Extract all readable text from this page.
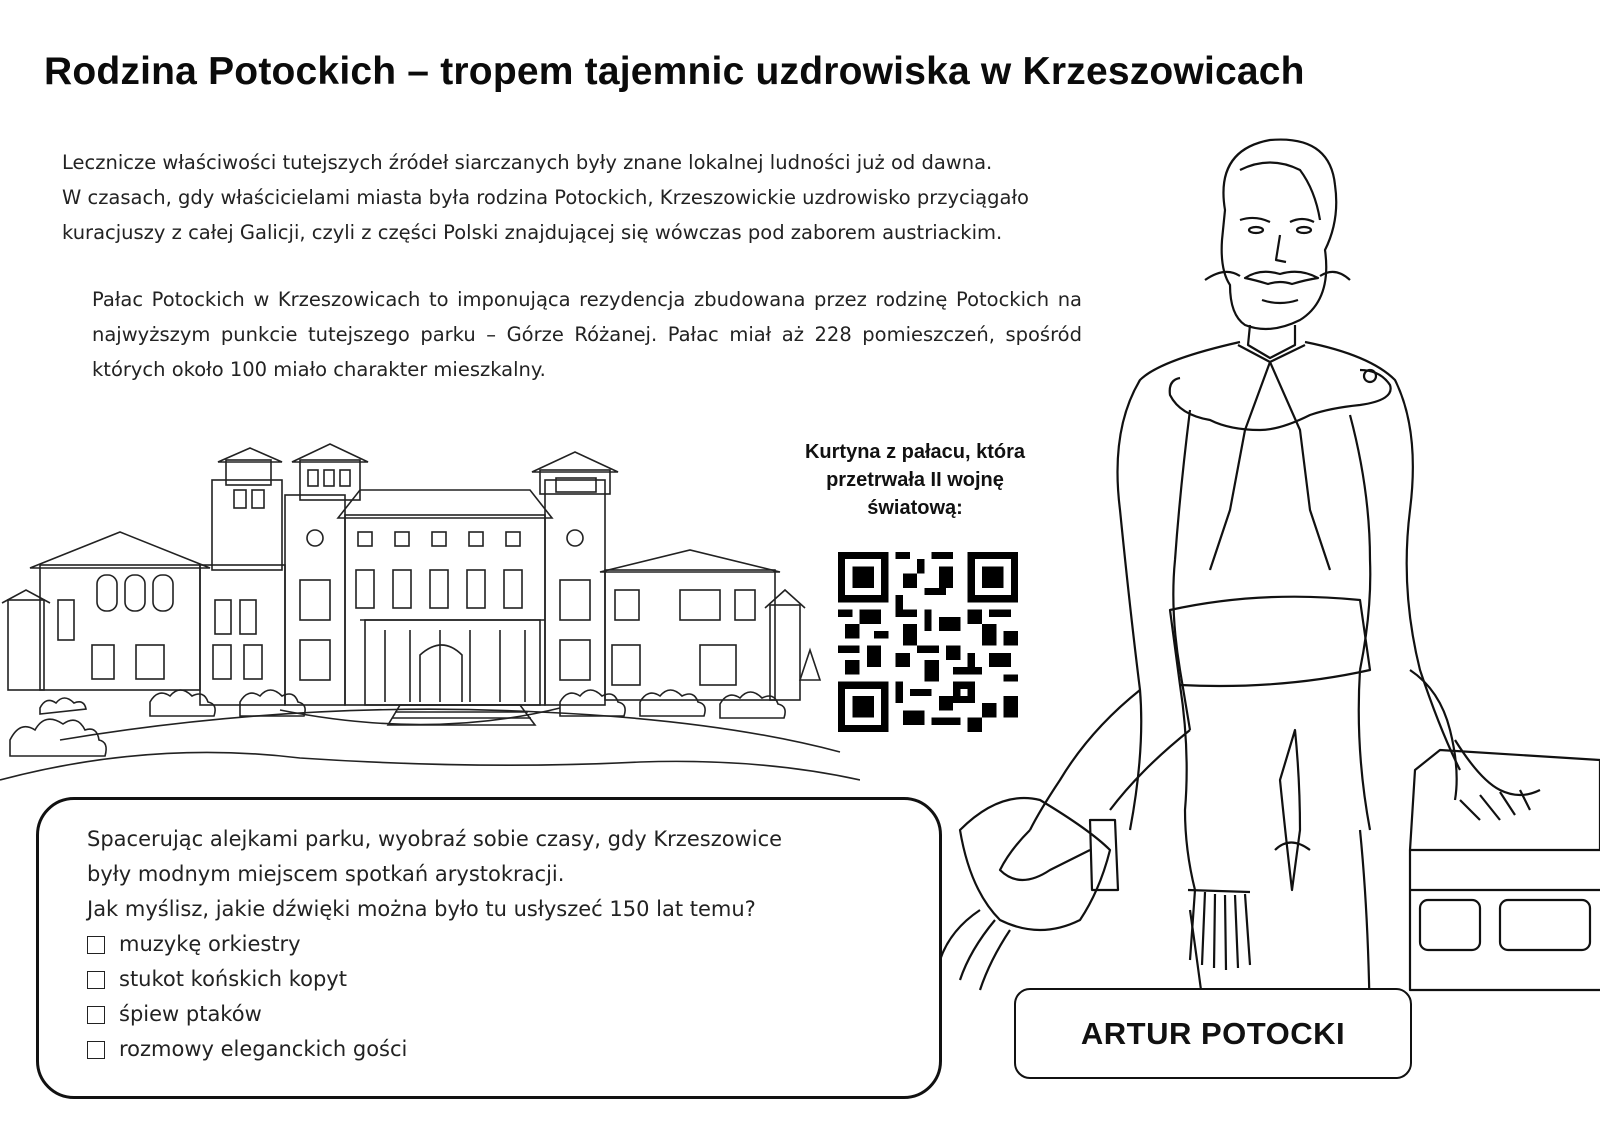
Rodzina Potockich – tropem tajemnic uzdrowiska w Krzeszowicach
Lecznicze właściwości tutejszych źródeł siarczanych były znane lokalnej ludności już od dawna.
W czasach, gdy właścicielami miasta była rodzina Potockich, Krzeszowickie uzdrowisko przyciągało
kuracjuszy z całej Galicji, czyli z części Polski znajdującej się wówczas pod zaborem austriackim.
Pałac Potockich w Krzeszowicach to imponująca rezydencja zbudowana przez rodzinę Potockich na najwyższym punkcie tutejszego parku – Górze Różanej. Pałac miał aż 228 pomieszczeń, spośród których około 100 miało charakter mieszkalny.
Kurtyna z pałacu, która
przetrwała II wojnę
światową:
Spacerując alejkami parku, wyobraź sobie czasy, gdy Krzeszowice
były modnym miejscem spotkań arystokracji.
Jak myślisz, jakie dźwięki można było tu usłyszeć 150 lat temu?
muzykę orkiestry
stukot końskich kopyt
śpiew ptaków
rozmowy eleganckich gości	ARTUR POTOCKI
